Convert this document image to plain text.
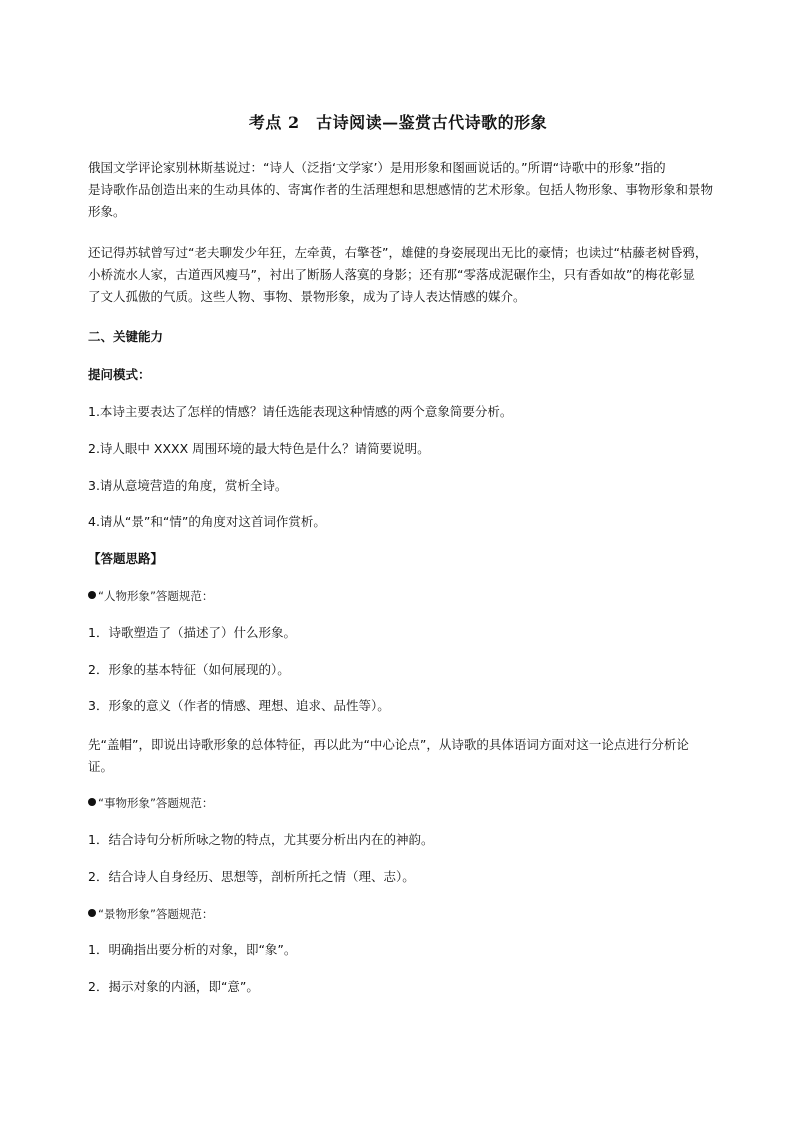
考点 2　古诗阅读—鉴赏古代诗歌的形象

俄国文学评论家别林斯基说过：“诗人（泛指‘文学家’）是用形象和图画说话的。”所谓“诗歌中的形象”指的
是诗歌作品创造出来的生动具体的、寄寓作者的生活理想和思想感情的艺术形象。包括人物形象、事物形象和景物
形象。

还记得苏轼曾写过“老夫聊发少年狂，左牵黄，右擎苍”，雄健的身姿展现出无比的豪情；也读过“枯藤老树昏鸦，
小桥流水人家，古道西风瘦马”，衬出了断肠人落寞的身影；还有那“零落成泥碾作尘，只有香如故”的梅花彰显
了文人孤傲的气质。这些人物、事物、景物形象，成为了诗人表达情感的媒介。

二、关键能力
提问模式：
1.本诗主要表达了怎样的情感？请任选能表现这种情感的两个意象简要分析。
2.诗人眼中 XXXX 周围环境的最大特色是什么？请简要说明。
3.请从意境营造的角度，赏析全诗。
4.请从“景”和“情”的角度对这首词作赏析。
【答题思路】
“人物形象”答题规范：
1．诗歌塑造了（描述了）什么形象。
2．形象的基本特征（如何展现的）。
3．形象的意义（作者的情感、理想、追求、品性等）。

先“盖帽”，即说出诗歌形象的总体特征，再以此为“中心论点”，从诗歌的具体语词方面对这一论点进行分析论
证。

“事物形象”答题规范：
1．结合诗句分析所咏之物的特点，尤其要分析出内在的神韵。
2．结合诗人自身经历、思想等，剖析所托之情（理、志）。
“景物形象”答题规范：
1．明确指出要分析的对象，即“象”。
2．揭示对象的内涵，即“意”。
